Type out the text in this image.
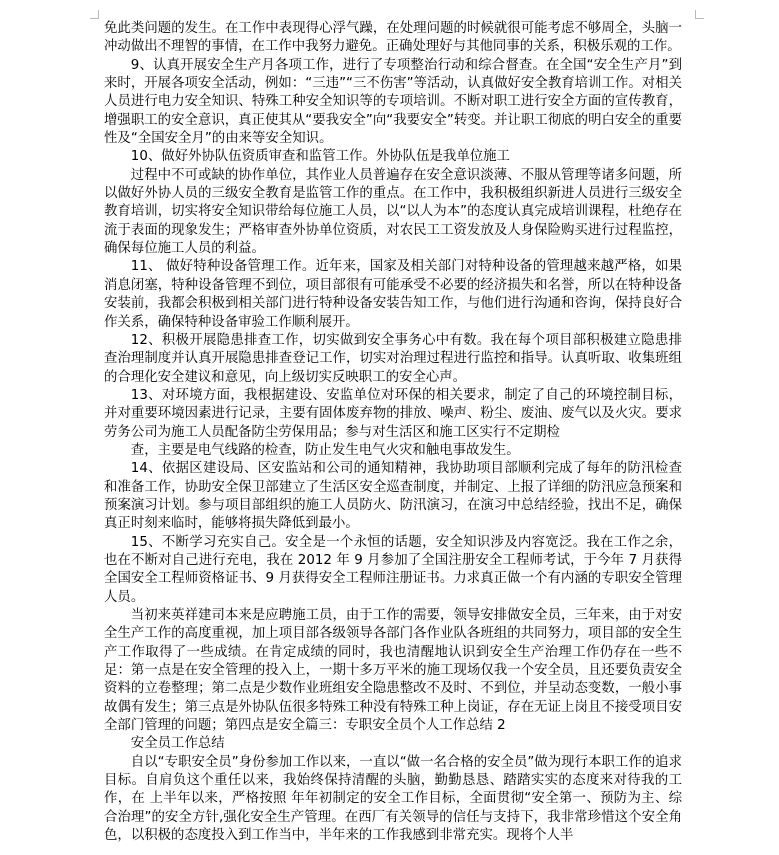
免此类问题的发生。在工作中表现得心浮气躁，在处理问题的时候就很可能考虑不够周全，头脑一冲动做出不理智的事情，在工作中我努力避免。正确处理好与其他同事的关系，积极乐观的工作。

9、认真开展安全生产月各项工作，进行了专项整治行动和综合督查。在全国“安全生产月”到来时，开展各项安全活动，例如：“三违”“三不伤害”等活动，认真做好安全教育培训工作。对相关人员进行电力安全知识、特殊工种安全知识等的专项培训。不断对职工进行安全方面的宣传教育，增强职工的安全意识，真正使其从“要我安全”向“我要安全”转变。并让职工彻底的明白安全的重要性及“全国安全月”的由来等安全知识。

10、做好外协队伍资质审查和监管工作。外协队伍是我单位施工

过程中不可或缺的协作单位，其作业人员普遍存在安全意识淡薄、不服从管理等诸多问题，所以做好外协人员的三级安全教育是监管工作的重点。在工作中，我积极组织新进人员进行三级安全教育培训，切实将安全知识带给每位施工人员，以“以人为本”的态度认真完成培训课程，杜绝存在流于表面的现象发生；严格审查外协单位资质，对农民工工资发放及人身保险购买进行过程监控，确保每位施工人员的利益。

11、 做好特种设备管理工作。近年来，国家及相关部门对特种设备的管理越来越严格，如果消息闭塞，特种设备管理不到位，项目部很有可能承受不必要的经济损失和名誉，所以在特种设备安装前，我都会积极到相关部门进行特种设备安装告知工作，与他们进行沟通和咨询，保持良好合作关系，确保特种设备审验工作顺利展开。

12、积极开展隐患排查工作，切实做到安全事务心中有数。我在每个项目部积极建立隐患排查治理制度并认真开展隐患排查登记工作，切实对治理过程进行监控和指导。认真听取、收集班组的合理化安全建议和意见，向上级切实反映职工的安全心声。

13、对环境方面，我根据建设、安监单位对环保的相关要求，制定了自己的环境控制目标，并对重要环境因素进行记录，主要有固体废弃物的排放、噪声、粉尘、废油、废气以及火灾。要求劳务公司为施工人员配备防尘劳保用品；参与对生活区和施工区实行不定期检

查，主要是电气线路的检查，防止发生电气火灾和触电事故发生。

14、依据区建设局、区安监站和公司的通知精神，我协助项目部顺利完成了每年的防汛检查和准备工作，协助安全保卫部建立了生活区安全巡查制度，并制定、上报了详细的防汛应急预案和预案演习计划。参与项目部组织的施工人员防火、防汛演习，在演习中总结经验，找出不足，确保真正时刻来临时，能够将损失降低到最小。

15、不断学习充实自己。安全是一个永恒的话题，安全知识涉及内容宽泛。我在工作之余，也在不断对自己进行充电，我在 2012 年 9 月参加了全国注册安全工程师考试，于今年 7 月获得全国安全工程师资格证书、9 月获得安全工程师注册证书。力求真正做一个有内涵的专职安全管理人员。

当初来英祥建司本来是应聘施工员，由于工作的需要，领导安排做安全员，三年来，由于对安全生产工作的高度重视，加上项目部各级领导各部门各作业队各班组的共同努力，项目部的安全生产工作取得了一些成绩。在肯定成绩的同时，我也清醒地认识到安全生产治理工作仍存在一些不足：第一点是在安全管理的投入上，一期十多万平米的施工现场仅我一个安全员，且还要负责安全资料的立卷整理；第二点是少数作业班组安全隐患整改不及时、不到位，并呈动态变数，一般小事故偶有发生；第三点是外协队伍很多特殊工种没有特殊工种上岗证，存在无证上岗且不接受项目安全部门管理的问题；第四点是安全篇三：专职安全员个人工作总结 2

安全员工作总结

自以“专职安全员”身份参加工作以来，一直以“做一名合格的安全员”做为现行本职工作的追求目标。自肩负这个重任以来，我始终保持清醒的头脑，勤勤恳恳、踏踏实实的态度来对待我的工作，在 上半年以来，严格按照 年年初制定的安全工作目标，全面贯彻“安全第一、预防为主、综合治理”的安全方针,强化安全生产管理。在西厂有关领导的信任与支持下，我非常珍惜这个安全角色，以积极的态度投入到工作当中，半年来的工作我感到非常充实。现将个人半
